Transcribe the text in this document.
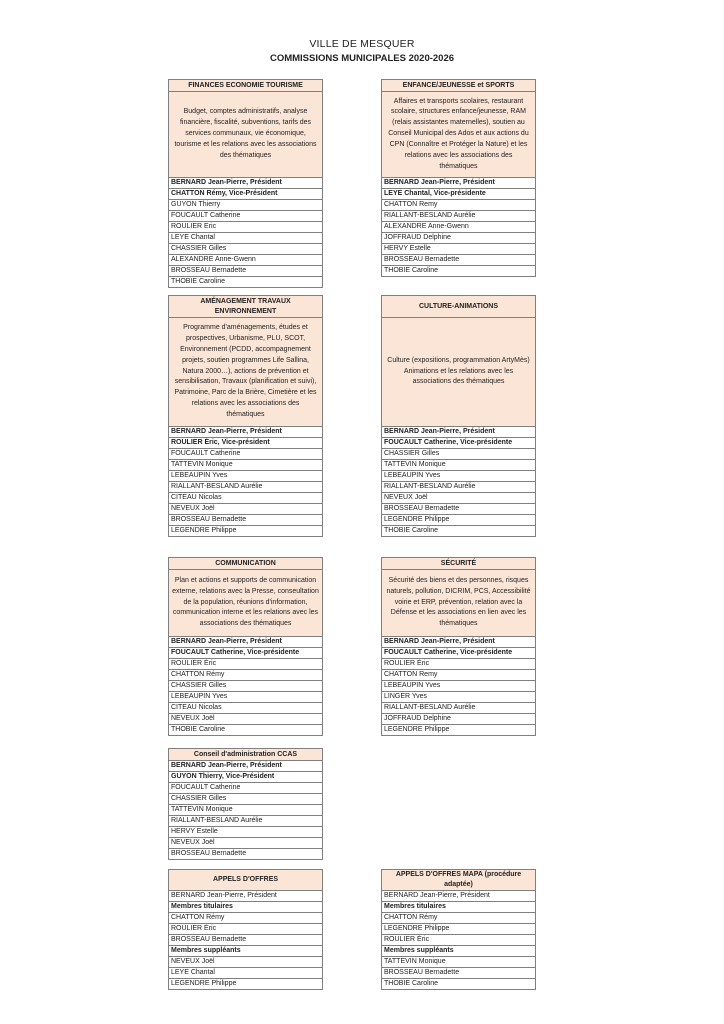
VILLE DE MESQUER
COMMISSIONS MUNICIPALES 2020-2026
FINANCES ECONOMIE TOURISME
Budget, comptes administratifs, analyse financière, fiscalité, subventions, tarifs des services communaux, vie économique, tourisme et les relations avec les associations des thématiques
BERNARD Jean-Pierre, Président
CHATTON Rémy, Vice-Président
GUYON Thierry
FOUCAULT Catherine
ROULIER Eric
LEYE Chantal
CHASSIER Gilles
ALEXANDRE Anne-Gwenn
BROSSEAU Bernadette
THOBIE Caroline
ENFANCE/JEUNESSE et SPORTS
Affaires et transports scolaires, restaurant scolaire, structures enfance/jeunesse, RAM (relais assistantes maternelles), soutien au Conseil Municipal des Ados et aux actions du CPN (Connaître et Protéger la Nature) et les relations avec les associations des thématiques
BERNARD Jean-Pierre, Président
LEYE Chantal, Vice-présidente
CHATTON Remy
RIALLANT-BESLAND Aurélie
ALEXANDRE Anne-Gwenn
JOFFRAUD Delphine
HERVY Estelle
BROSSEAU Bernadette
THOBIE Caroline
AMÉNAGEMENT TRAVAUX ENVIRONNEMENT
Programme d'aménagements, études et prospectives, Urbanisme, PLU, SCOT, Environnement (PCDD, accompagnement projets, soutien programmes Life Sallina, Natura 2000…), actions de prévention et sensibilisation, Travaux (planification et suivi), Patrimoine, Parc de la Brière, Cimetière et les relations avec les associations des thématiques
BERNARD Jean-Pierre, Président
ROULIER Éric, Vice-président
FOUCAULT Catherine
TATTEVIN Monique
LEBEAUPIN Yves
RIALLANT-BESLAND Aurélie
CITEAU Nicolas
NEVEUX Joël
BROSSEAU Bernadette
LEGENDRE Philippe
CULTURE-ANIMATIONS
Culture (expositions, programmation ArtyMès) Animations et les relations avec les associations des thématiques
BERNARD Jean-Pierre, Président
FOUCAULT Catherine, Vice-présidente
CHASSIER Gilles
TATTEVIN Monique
LEBEAUPIN Yves
RIALLANT-BESLAND Aurélie
NEVEUX Joël
BROSSEAU Bernadette
LEGENDRE Philippe
THOBIE Caroline
COMMUNICATION
Plan et actions et supports de communication externe, relations avec la Presse, conseultation de la population, réunions d'information, communication interne et les relations avec les associations des thématiques
BERNARD Jean-Pierre, Président
FOUCAULT Catherine, Vice-présidente
ROULIER Éric
CHATTON Rémy
CHASSIER Gilles
LEBEAUPIN Yves
CITEAU Nicolas
NEVEUX Joël
THOBIE Caroline
SÉCURITÉ
Sécurité des biens et des personnes, risques naturels, pollution, DICRIM, PCS, Accessibilité voirie et ERP, prévention, relation avec la Défense et les associations en lien avec les thématiques
BERNARD Jean-Pierre, Président
FOUCAULT Catherine, Vice-présidente
ROULIER Éric
CHATTON Remy
LEBEAUPIN Yves
LINGER Yves
RIALLANT-BESLAND Aurélie
JOFFRAUD Delphine
LEGENDRE Philippe
Conseil d'administration CCAS
BERNARD Jean-Pierre, Président
GUYON Thierry, Vice-Président
FOUCAULT Catherine
CHASSIER Gilles
TATTEVIN Monique
RIALLANT-BESLAND Aurélie
HERVY Estelle
NEVEUX Joël
BROSSEAU Bernadette
APPELS D'OFFRES
BERNARD Jean-Pierre, Président
Membres titulaires
CHATTON Rémy
ROULIER Éric
BROSSEAU Bernadette
Membres suppléants
NEVEUX Joël
LEYE Chantal
LEGENDRE Philippe
APPELS D'OFFRES MAPA (procédure adaptée)
BERNARD Jean-Pierre, Président
Membres titulaires
CHATTON Rémy
LEGENDRE Philippe
ROULIER Éric
Membres suppléants
TATTEVIN Monique
BROSSEAU Bernadette
THOBIE Caroline
